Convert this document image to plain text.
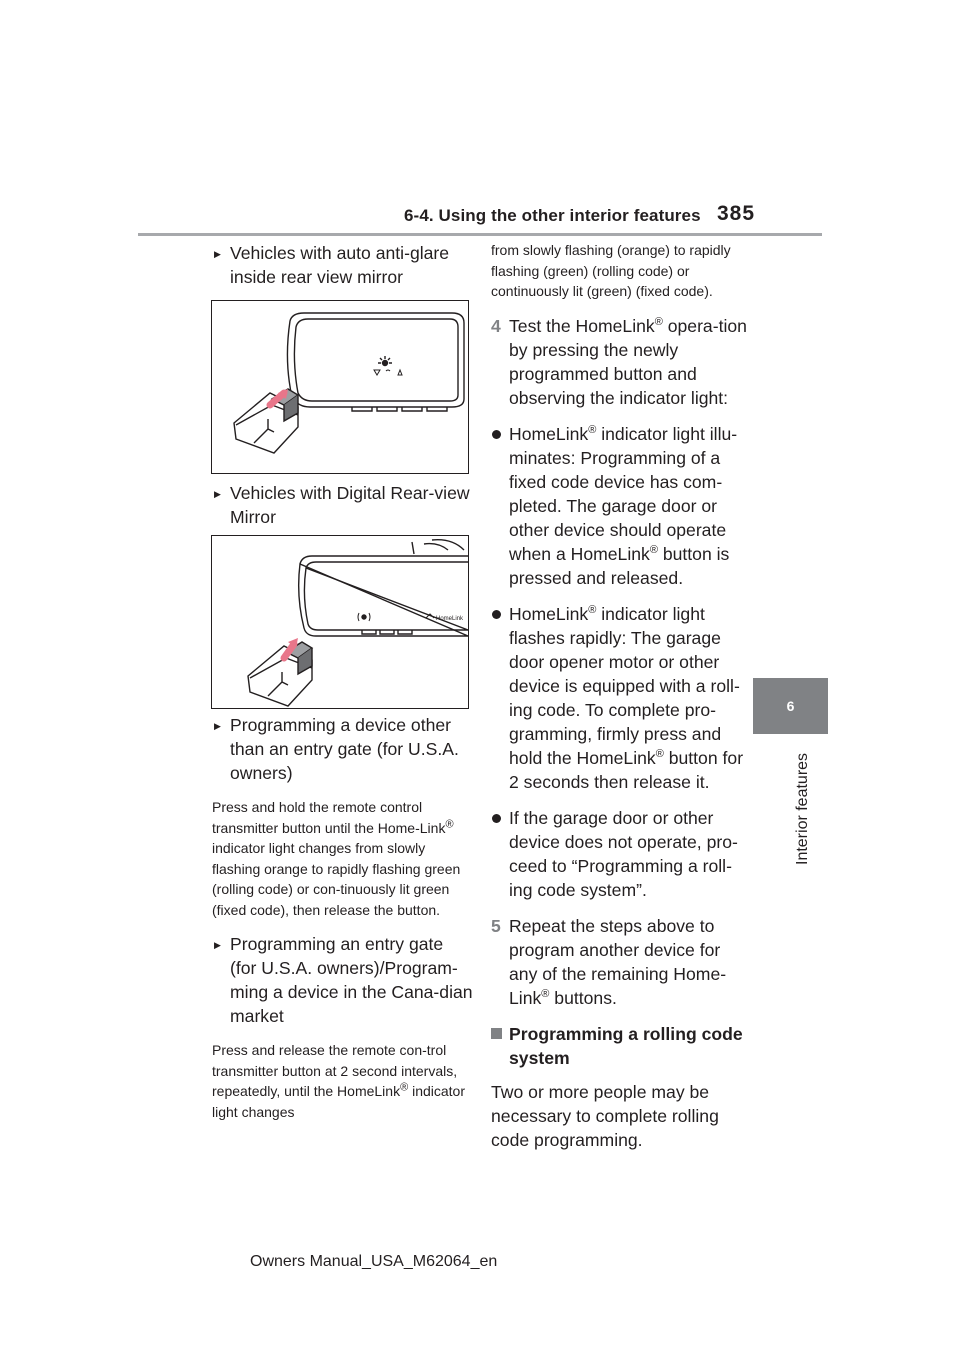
6-4. Using the other interior features 385
6
Interior features
▶ Vehicles with auto anti-glare inside rear view mirror
▶ Vehicles with Digital Rear-view Mirror
HomeLink
▶ Programming a device other than an entry gate (for U.S.A. owners)
Press and hold the remote control transmitter button until the Home-Link® indicator light changes from slowly flashing orange to rapidly flashing green (rolling code) or con-tinuously lit green (fixed code), then release the button.
▶ Programming an entry gate (for U.S.A. owners)/Program-ming a device in the Cana-dian market
Press and release the remote con-trol transmitter button at 2 second intervals, repeatedly, until the HomeLink® indicator light changes
from slowly flashing (orange) to rapidly flashing (green) (rolling code) or continuously lit (green) (fixed code).
4 Test the HomeLink® opera-tion by pressing the newly programmed button and observing the indicator light:
HomeLink® indicator light illu-minates: Programming of a fixed code device has com-pleted. The garage door or other device should operate when a HomeLink® button is pressed and released.
HomeLink® indicator light flashes rapidly: The garage door opener motor or other device is equipped with a roll-ing code. To complete pro-gramming, firmly press and hold the HomeLink® button for 2 seconds then release it.
If the garage door or other device does not operate, pro-ceed to “Programming a roll-ing code system”.
5 Repeat the steps above to program another device for any of the remaining Home-Link® buttons.
Programming a rolling code system
Two or more people may be necessary to complete rolling code programming.
Owners Manual_USA_M62064_en
